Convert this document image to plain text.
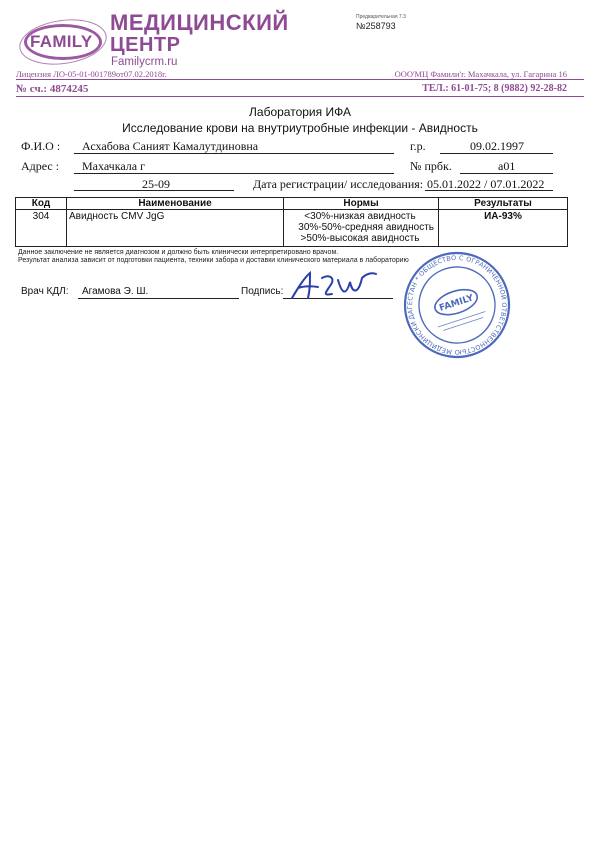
FAMILY
МЕДИЦИНСКИЙ
ЦЕНТР
Familycrm.ru
Предварительная 7.3
№258793
Лицензия ЛО-05-01-001789от07.02.2018г.	ООО'МЦ Фамили'г. Махачкала, ул. Гагарина 16
№ сч.: 4874245	ТЕЛ.: 61-01-75; 8 (9882) 92-28-82
Лаборатория ИФА
Исследование крови на внутриутробные инфекции - Авидность
Ф.И.О : Асхабова Саният Камалутдиновна	г.р.	09.02.1997
Адрес : Махачкала г	№ прбк.	а01
25-09	Дата регистрации/ исследования: 05.01.2022 / 07.01.2022
Код	Наименование	Нормы	Результаты
304	Авидность CMV JgG	<30%-низкая авидность
30%-50%-средняя авидность
>50%-высокая авидность	ИА-93%
Данное заключение не является диагнозом и должно быть клинически интерпретировано врачом.
Результат анализа зависит от подготовки пациента, техники забора и доставки клинического материала в лабораторию
Врач КДЛ: Агамова Э. Ш.	Подпись:
ДАГЕСТАН * ОБЩЕСТВО С ОГРАНИЧЕННОЙ ОТВЕТСТВЕННОСТЬЮ МЕДИЦИНСКИЙ
FAMILY
